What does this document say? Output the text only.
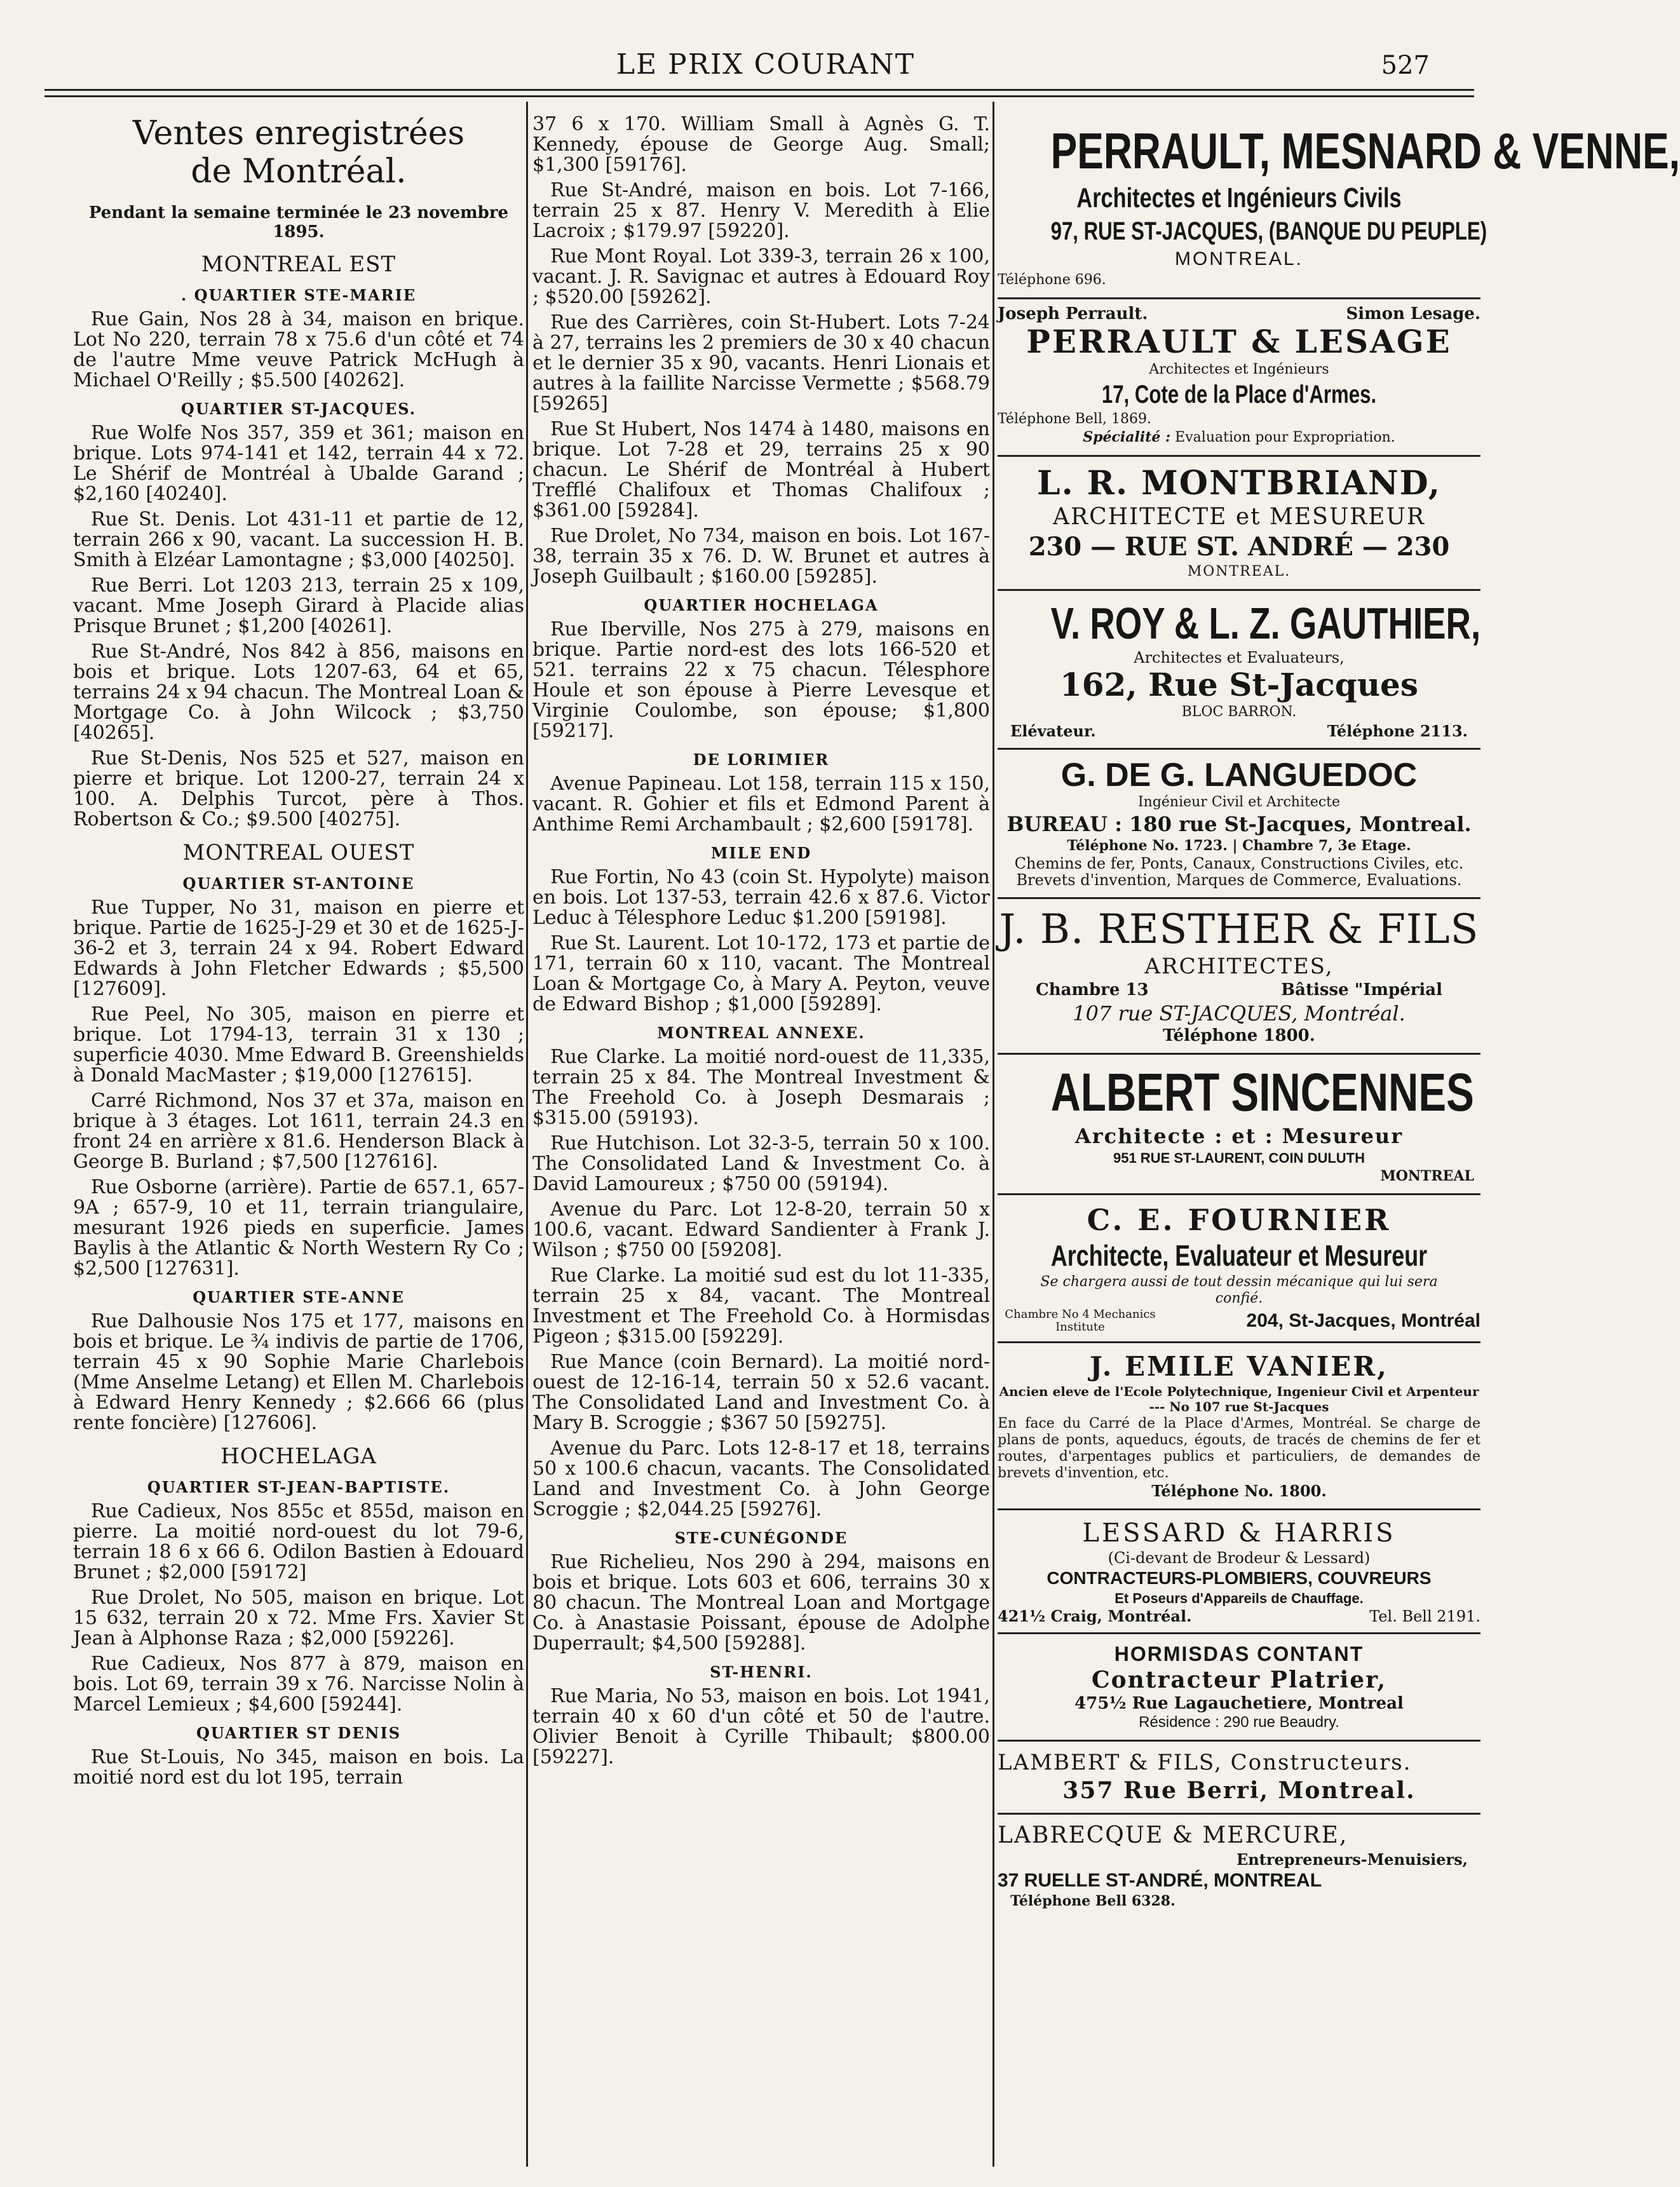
LE PRIX COURANT	527

Ventes enregistrées

de Montréal.

Pendant la semaine terminée le 23 novembre 1895.

MONTREAL EST

. QUARTIER STE-MARIE

Rue Gain, Nos 28 à 34, maison en brique. Lot No 220, terrain 78 x 75.6 d'un côté et 74 de l'autre Mme veuve Patrick McHugh à Michael O'Reilly ; $5.500 [40262].

QUARTIER ST-JACQUES.

Rue Wolfe Nos 357, 359 et 361; maison en brique. Lots 974-141 et 142, terrain 44 x 72. Le Shérif de Montréal à Ubalde Garand ; $2,160 [40240].

Rue St. Denis. Lot 431-11 et partie de 12, terrain 266 x 90, vacant. La succession H. B. Smith à Elzéar Lamontagne ; $3,000 [40250].

Rue Berri. Lot 1203 213, terrain 25 x 109, vacant. Mme Joseph Girard à Placide alias Prisque Brunet ; $1,200 [40261].

Rue St-André, Nos 842 à 856, maisons en bois et brique. Lots 1207-63, 64 et 65, terrains 24 x 94 chacun. The Montreal Loan & Mortgage Co. à John Wilcock ; $3,750 [40265].

Rue St-Denis, Nos 525 et 527, maison en pierre et brique. Lot 1200-27, terrain 24 x 100. A. Delphis Turcot, père à Thos. Robertson & Co.; $9.500 [40275].

MONTREAL OUEST

QUARTIER ST-ANTOINE

Rue Tupper, No 31, maison en pierre et brique. Partie de 1625-J-29 et 30 et de 1625-J-36-2 et 3, terrain 24 x 94. Robert Edward Edwards à John Fletcher Edwards ; $5,500 [127609].

Rue Peel, No 305, maison en pierre et brique. Lot 1794-13, terrain 31 x 130 ; superficie 4030. Mme Edward B. Greenshields à Donald MacMaster ; $19,000 [127615].

Carré Richmond, Nos 37 et 37a, maison en brique à 3 étages. Lot 1611, terrain 24.3 en front 24 en arrière x 81.6. Henderson Black à George B. Burland ; $7,500 [127616].

Rue Osborne (arrière). Partie de 657.1, 657-9A ; 657-9, 10 et 11, terrain triangulaire, mesurant 1926 pieds en superficie. James Baylis à the Atlantic & North Western Ry Co ; $2,500 [127631].

QUARTIER STE-ANNE

Rue Dalhousie Nos 175 et 177, maisons en bois et brique. Le ¾ indivis de partie de 1706, terrain 45 x 90 Sophie Marie Charlebois (Mme Anselme Letang) et Ellen M. Charlebois à Edward Henry Kennedy ; $2.666 66 (plus rente foncière) [127606].

HOCHELAGA

QUARTIER ST-JEAN-BAPTISTE.

Rue Cadieux, Nos 855c et 855d, maison en pierre. La moitié nord-ouest du lot 79-6, terrain 18 6 x 66 6. Odilon Bastien à Edouard Brunet ; $2,000 [59172]

Rue Drolet, No 505, maison en brique. Lot 15 632, terrain 20 x 72. Mme Frs. Xavier St Jean à Alphonse Raza ; $2,000 [59226].

Rue Cadieux, Nos 877 à 879, maison en bois. Lot 69, terrain 39 x 76. Narcisse Nolin à Marcel Lemieux ; $4,600 [59244].

QUARTIER ST DENIS

Rue St-Louis, No 345, maison en bois. La moitié nord est du lot 195, terrain

37 6 x 170. William Small à Agnès G. T. Kennedy, épouse de George Aug. Small; $1,300 [59176].

Rue St-André, maison en bois. Lot 7-166, terrain 25 x 87. Henry V. Meredith à Elie Lacroix ; $179.97 [59220].

Rue Mont Royal. Lot 339-3, terrain 26 x 100, vacant. J. R. Savignac et autres à Edouard Roy ; $520.00 [59262].

Rue des Carrières, coin St-Hubert. Lots 7-24 à 27, terrains les 2 premiers de 30 x 40 chacun et le dernier 35 x 90, vacants. Henri Lionais et autres à la faillite Narcisse Vermette ; $568.79 [59265]

Rue St Hubert, Nos 1474 à 1480, maisons en brique. Lot 7-28 et 29, terrains 25 x 90 chacun. Le Shérif de Montréal à Hubert Trefflé Chalifoux et Thomas Chalifoux ; $361.00 [59284].

Rue Drolet, No 734, maison en bois. Lot 167-38, terrain 35 x 76. D. W. Brunet et autres à Joseph Guilbault ; $160.00 [59285].

QUARTIER HOCHELAGA

Rue Iberville, Nos 275 à 279, maisons en brique. Partie nord-est des lots 166-520 et 521. terrains 22 x 75 chacun. Télesphore Houle et son épouse à Pierre Levesque et Virginie Coulombe, son épouse; $1,800 [59217].

DE LORIMIER

Avenue Papineau. Lot 158, terrain 115 x 150, vacant. R. Gohier et fils et Edmond Parent à Anthime Remi Archambault ; $2,600 [59178].

MILE END

Rue Fortin, No 43 (coin St. Hypolyte) maison en bois. Lot 137-53, terrain 42.6 x 87.6. Victor Leduc à Télesphore Leduc $1.200 [59198].

Rue St. Laurent. Lot 10-172, 173 et partie de 171, terrain 60 x 110, vacant. The Montreal Loan & Mortgage Co, à Mary A. Peyton, veuve de Edward Bishop ; $1,000 [59289].

MONTREAL ANNEXE.

Rue Clarke. La moitié nord-ouest de 11,335, terrain 25 x 84. The Montreal Investment & The Freehold Co. à Joseph Desmarais ; $315.00 (59193).

Rue Hutchison. Lot 32-3-5, terrain 50 x 100. The Consolidated Land & Investment Co. à David Lamoureux ; $750 00 (59194).

Avenue du Parc. Lot 12-8-20, terrain 50 x 100.6, vacant. Edward Sandienter à Frank J. Wilson ; $750 00 [59208].

Rue Clarke. La moitié sud est du lot 11-335, terrain 25 x 84, vacant. The Montreal Investment et The Freehold Co. à Hormisdas Pigeon ; $315.00 [59229].

Rue Mance (coin Bernard). La moitié nord-ouest de 12-16-14, terrain 50 x 52.6 vacant. The Consolidated Land and Investment Co. à Mary B. Scroggie ; $367 50 [59275].

Avenue du Parc. Lots 12-8-17 et 18, terrains 50 x 100.6 chacun, vacants. The Consolidated Land and Investment Co. à John George Scroggie ; $2,044.25 [59276].

STE-CUNÉGONDE

Rue Richelieu, Nos 290 à 294, maisons en bois et brique. Lots 603 et 606, terrains 30 x 80 chacun. The Montreal Loan and Mortgage Co. à Anastasie Poissant, épouse de Adolphe Duperrault; $4,500 [59288].

ST-HENRI.

Rue Maria, No 53, maison en bois. Lot 1941, terrain 40 x 60 d'un côté et 50 de l'autre. Olivier Benoit à Cyrille Thibault; $800.00 [59227].

PERRAULT, MESNARD & VENNE,

Architectes et Ingénieurs Civils

97, RUE ST-JACQUES, (BANQUE DU PEUPLE)

MONTREAL.

Téléphone 696.

Joseph Perrault.	Simon Lesage.

PERRAULT & LESAGE

Architectes et Ingénieurs

17, Cote de la Place d'Armes.

Téléphone Bell, 1869.

Spécialité : Evaluation pour Expropriation.

L. R. MONTBRIAND,

ARCHITECTE et MESUREUR

230 — RUE ST. ANDRÉ — 230

MONTREAL.

V. ROY & L. Z. GAUTHIER,

Architectes et Evaluateurs,

162, Rue St-Jacques

BLOC BARRON.

Elévateur.	Téléphone 2113.

G. DE G. LANGUEDOC

Ingénieur Civil et Architecte

BUREAU : 180 rue St-Jacques, Montreal.

Téléphone No. 1723. | Chambre 7, 3e Etage.

Chemins de fer, Ponts, Canaux, Constructions Civiles, etc. Brevets d'invention, Marques de Commerce, Evaluations.

J. B. RESTHER & FILS

ARCHITECTES,

Chambre 13	Bâtisse "Impérial

107 rue ST-JACQUES, Montréal.

Téléphone 1800.

ALBERT SINCENNES

Architecte : et : Mesureur

951 RUE ST-LAURENT, COIN DULUTH

MONTREAL

C. E. FOURNIER

Architecte, Evaluateur et Mesureur

Se chargera aussi de tout dessin mécanique qui lui sera confié.

Chambre No 4 Mechanics Institute	204, St-Jacques, Montréal

J. EMILE VANIER,

Ancien eleve de l'Ecole Polytechnique, Ingenieur Civil et Arpenteur --- No 107 rue St-Jacques

En face du Carré de la Place d'Armes, Montréal. Se charge de plans de ponts, aqueducs, égouts, de tracés de chemins de fer et routes, d'arpentages publics et particuliers, de demandes de brevets d'invention, etc.

Téléphone No. 1800.

LESSARD & HARRIS

(Ci-devant de Brodeur & Lessard)

CONTRACTEURS-PLOMBIERS, COUVREURS

Et Poseurs d'Appareils de Chauffage.

421½ Craig, Montréal.	Tel. Bell 2191.

HORMISDAS CONTANT

Contracteur Platrier,

475½ Rue Lagauchetiere, Montreal

Résidence : 290 rue Beaudry.

LAMBERT & FILS, Constructeurs.

357 Rue Berri, Montreal.

LABRECQUE & MERCURE,

Entrepreneurs-Menuisiers,

37 RUELLE ST-ANDRÉ, MONTREAL

Téléphone Bell 6328.
